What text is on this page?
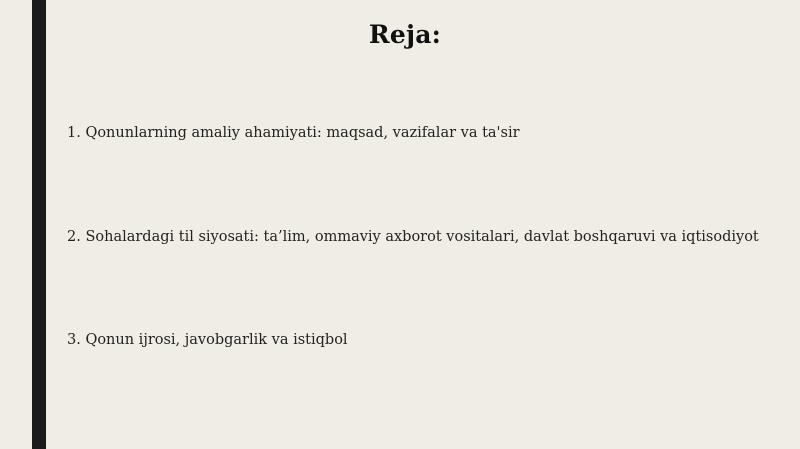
Reja:
1. Qonunlarning amaliy ahamiyati: maqsad, vazifalar va ta'sir
2. Sohalardagi til siyosati: ta’lim, ommaviy axborot vositalari, davlat boshqaruvi va iqtisodiyot
3. Qonun ijrosi, javobgarlik va istiqbol
